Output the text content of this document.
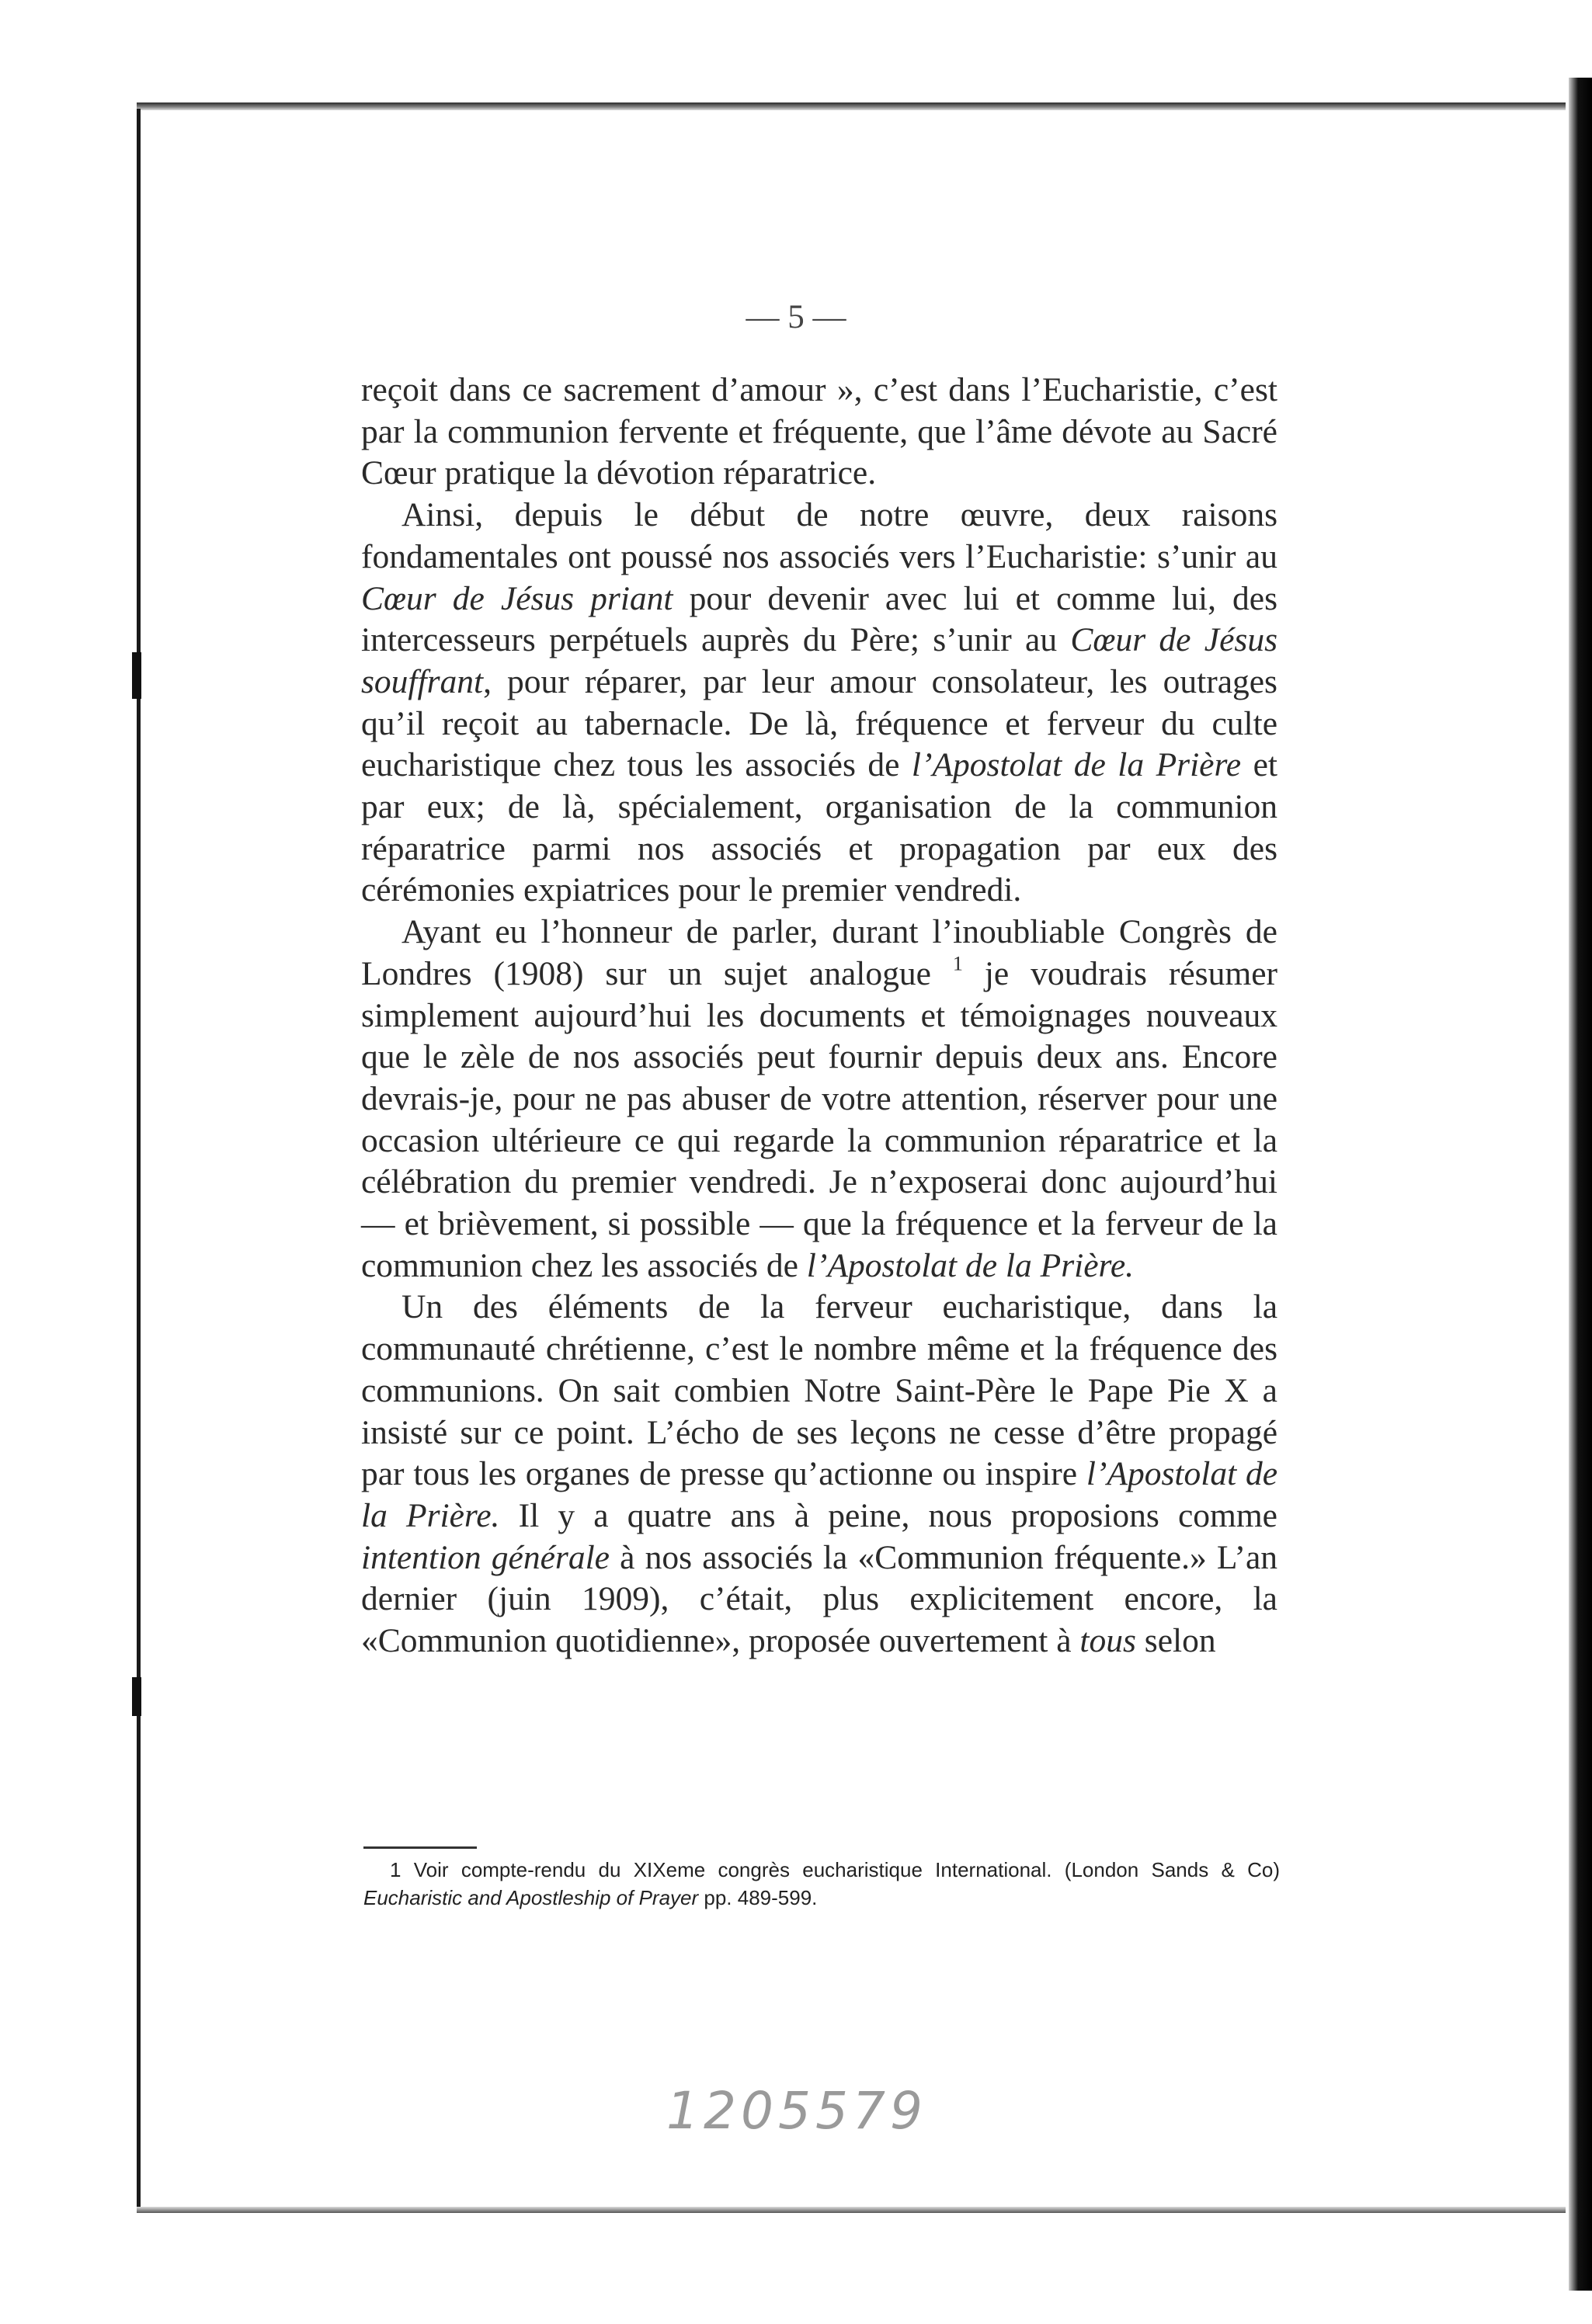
— 5 —

reçoit dans ce sacrement d’amour », c’est dans l’Eucharistie, c’est par la communion fervente et fréquente, que l’âme dévote au Sacré Cœur pratique la dévotion réparatrice.

Ainsi, depuis le début de notre œuvre, deux raisons fondamentales ont poussé nos associés vers l’Eucharistie: s’unir au Cœur de Jésus priant pour devenir avec lui et comme lui, des intercesseurs perpétuels auprès du Père; s’unir au Cœur de Jésus souffrant, pour réparer, par leur amour consolateur, les outrages qu’il reçoit au tabernacle. De là, fréquence et ferveur du culte eucharistique chez tous les associés de l’Apostolat de la Prière et par eux; de là, spécialement, organisation de la communion réparatrice parmi nos associés et propagation par eux des cérémonies expiatrices pour le premier vendredi.

Ayant eu l’honneur de parler, durant l’inoubliable Congrès de Londres (1908) sur un sujet analogue $^1$ je voudrais résumer simplement aujourd’hui les documents et témoignages nouveaux que le zèle de nos associés peut fournir depuis deux ans. Encore devrais-je, pour ne pas abuser de votre attention, réserver pour une occasion ultérieure ce qui regarde la communion réparatrice et la célébration du premier vendredi. Je n’exposerai donc aujourd’hui — et brièvement, si possible — que la fréquence et la ferveur de la communion chez les associés de l’Apostolat de la Prière.

Un des éléments de la ferveur eucharistique, dans la communauté chrétienne, c’est le nombre même et la fréquence des communions. On sait combien Notre Saint-Père le Pape Pie X a insisté sur ce point. L’écho de ses leçons ne cesse d’être propagé par tous les organes de presse qu’actionne ou inspire l’Apostolat de la Prière. Il y a quatre ans à peine, nous proposions comme intention générale à nos associés la «Communion fréquente.» L’an dernier (juin 1909), c’était, plus explicitement encore, la «Communion quotidienne», proposée ouvertement à tous selon

1 Voir compte-rendu du XIXeme congrès eucharistique International. (London Sands & Co) Eucharistic and Apostleship of Prayer pp. 489-599.
1205579
